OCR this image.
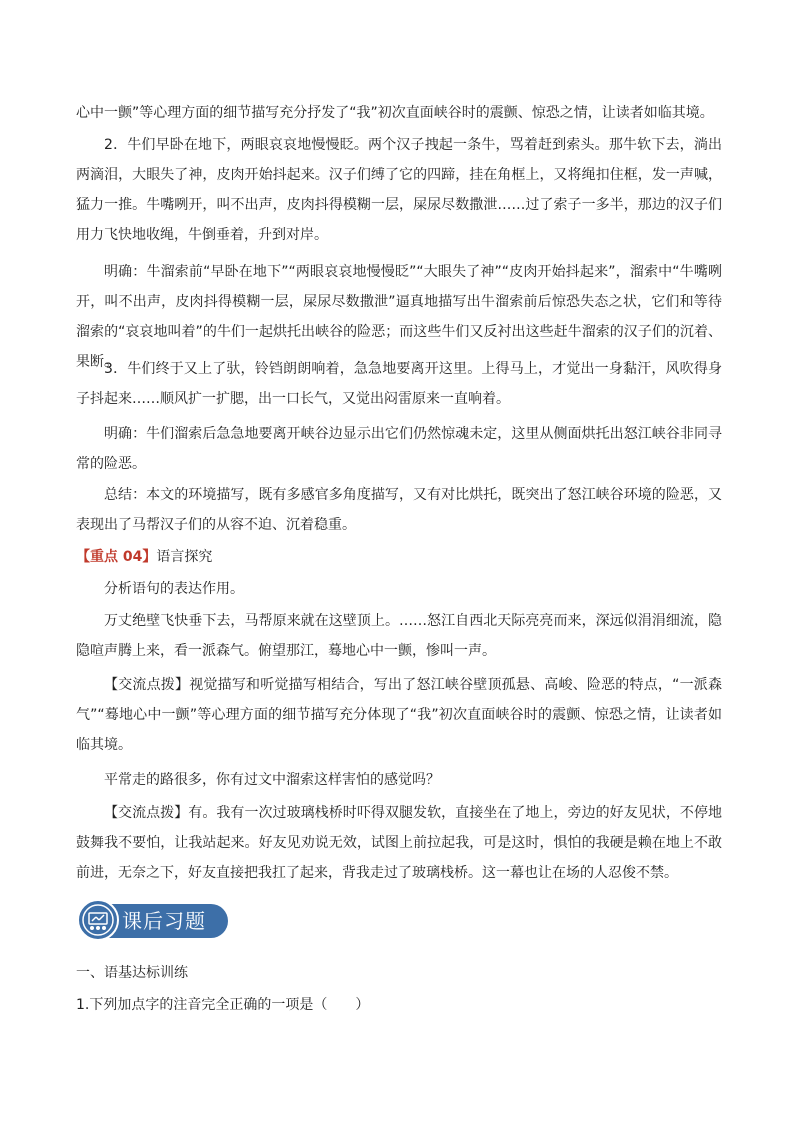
心中一颤”等心理方面的细节描写充分抒发了“我”初次直面峡谷时的震颤、惊恐之情，让读者如临其境。
2．牛们早卧在地下，两眼哀哀地慢慢眨。两个汉子拽起一条牛，骂着赶到索头。那牛软下去，淌出两滴泪，大眼失了神，皮肉开始抖起来。汉子们缚了它的四蹄，挂在角框上，又将绳扣住框，发一声喊，猛力一推。牛嘴咧开，叫不出声，皮肉抖得模糊一层，屎尿尽数撒泄……过了索子一多半，那边的汉子们用力飞快地收绳，牛倒垂着，升到对岸。
明确：牛溜索前“早卧在地下”“两眼哀哀地慢慢眨”“大眼失了神”“皮肉开始抖起来”，溜索中“牛嘴咧开，叫不出声，皮肉抖得模糊一层，屎尿尽数撒泄”逼真地描写出牛溜索前后惊恐失态之状，它们和等待溜索的“哀哀地叫着”的牛们一起烘托出峡谷的险恶；而这些牛们又反衬出这些赶牛溜索的汉子们的沉着、果断。
3．牛们终于又上了驮，铃铛朗朗响着，急急地要离开这里。上得马上，才觉出一身黏汗，风吹得身子抖起来……顺风扩一扩腮，出一口长气，又觉出闷雷原来一直响着。
明确：牛们溜索后急急地要离开峡谷边显示出它们仍然惊魂未定，这里从侧面烘托出怒江峡谷非同寻常的险恶。
总结：本文的环境描写，既有多感官多角度描写，又有对比烘托，既突出了怒江峡谷环境的险恶，又表现出了马帮汉子们的从容不迫、沉着稳重。
【重点 04】语言探究
分析语句的表达作用。
万丈绝壁飞快垂下去，马帮原来就在这壁顶上。……怒江自西北天际亮亮而来，深远似涓涓细流，隐隐喧声腾上来，看一派森气。俯望那江，蓦地心中一颤，惨叫一声。
【交流点拨】视觉描写和听觉描写相结合，写出了怒江峡谷壁顶孤悬、高峻、险恶的特点，“一派森气”“蓦地心中一颤”等心理方面的细节描写充分体现了“我”初次直面峡谷时的震颤、惊恐之情，让读者如临其境。
平常走的路很多，你有过文中溜索这样害怕的感觉吗？
【交流点拨】有。我有一次过玻璃栈桥时吓得双腿发软，直接坐在了地上，旁边的好友见状，不停地鼓舞我不要怕，让我站起来。好友见劝说无效，试图上前拉起我，可是这时，惧怕的我硬是赖在地上不敢前进，无奈之下，好友直接把我扛了起来，背我走过了玻璃栈桥。这一幕也让在场的人忍俊不禁。
课后习题
一、语基达标训练
1.下列加点字的注音完全正确的一项是（　　）
